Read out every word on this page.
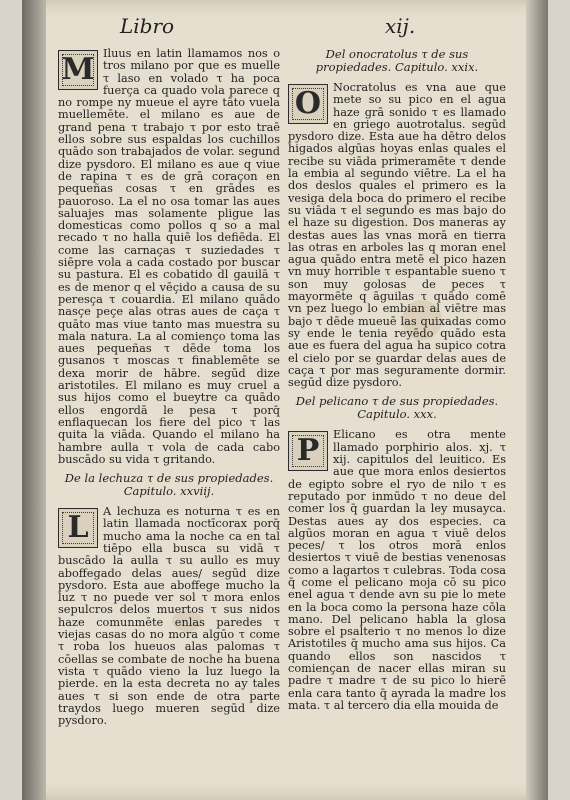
Libro	xij.
M Iluus en latin llamamos nos o tros milano por que es muelle τ laso en volado τ ha poca fuerça ca quado vola parece q no rompe ny mueue el ayre tāto vuela muellemēte. el milano es aue de grand pena τ trabajo τ por esto traē ellos sobre sus espaldas los cuchillos quādo son trabajados de volar. segund dize pysdoro. El milano es aue q viue de rapina τ es de grā coraçon en pequeñas cosas τ en grādes es pauoroso. La el no osa tomar las aues saluajes mas solamente pligue las domesticas como pollos q so a mal recado τ no halla quiē los defiēda. El come las carnaças τ suziedades τ siēpre vola a cada costado por buscar su pastura. El es cobatido dl gauilā τ es de menor q el vēçido a causa de su peresça τ couardia. El milano quādo nasçe peçe alas otras aues de caça τ quāto mas viue tanto mas muestra su mala natura. La al comienço toma las aues pequeñas τ dēde toma los gusanos τ moscas τ finablemēte se dexa morir de hābre. segūd dize aristotiles. El milano es muy cruel a sus hijos como el bueytre ca quādo ellos engordā le pesa τ porq̄ enflaquecan los fiere del pico τ las quita la viāda. Quando el milano ha hambre aulla τ vola de cada cabo buscādo su vida τ gritando.

De la lechuza τ de sus propiedades. Capitulo. xxviij.
L	A lechuza es noturna τ es en latin llamada noctīcorax porq̄ mucho ama la noche ca en tal tiēpo ella busca su vidā τ buscādo la aulla τ su aullo es muy aboffegado delas aues/ segūd dize pysdoro. Esta aue aboffege mucho la luz τ no puede ver sol τ mora enlos sepulcros delos muertos τ sus nidos haze comunmēte enlas paredes τ viejas casas do no mora algūo τ come τ roba los hueuos alas palomas τ cōellas se combate de noche ha buena vista τ quādo vieno la luz luego la pierde. en la esta decreta no ay tales aues τ si son ende de otra parte traydos luego mueren segūd dize pysdoro.

Del onocratolus τ de sus propiedades. Capitulo. xxix.
O	Nocratolus es vna aue que mete so su pico en el agua haze grā sonido τ es llamado en griego auotrotalus. segūd pysdoro dize. Esta aue ha dētro delos higados algūas hoyas enlas quales el recibe su viāda primeramēte τ dende la embia al segundo viētre. La el ha dos deslos quales el primero es la vesiga dela boca do primero el recibe su viāda τ el segundo es mas bajo do el haze su digestion. Dos maneras ay destas aues las vnas morā en tierra las otras en arboles las q moran enel agua quādo entra metē el pico hazen vn muy horrible τ espantable sueno τ son muy golosas de peces τ mayormēte q āguilas τ quādo comē vn pez luego lo embian al viētre mas bajo τ dēde mueuē las quixadas como sy ende le tenia reyēdo quādo esta aue es fuera del agua ha supico cotra el cielo por se guardar delas aues de caça τ por mas seguramente dormir. segūd dize pysdoro.

Del pelicano τ de sus propiedades. Capitulo. xxx.
P	Elicano es otra mente llamado porphirio alos. xj. τ xij. capitulos del leuitico. Es aue que mora enlos desiertos de egipto sobre el ryo de nilo τ es reputado por inmūdo τ no deue del comer los q̄ guardan la ley musayca. Destas aues ay dos especies. ca algūos moran en agua τ viuē delos peces/ τ los otros morā enlos desiertos τ viuē de bestias venenosas como a lagartos τ culebras. Toda cosa q̄ come el pelicano moja cō su pico enel agua τ dende avn su pie lo mete en la boca como la persona haze cōla mano. Del pelicano habla la glosa sobre el psalterio τ no menos lo dize Aristotiles q̄ mucho ama sus hijos. Ca quando ellos son nascidos τ comiençan de nacer ellas miran su padre τ madre τ de su pico lo hierē enla cara tanto q̄ ayrada la madre los mata. τ al tercero dia ella mouida de
